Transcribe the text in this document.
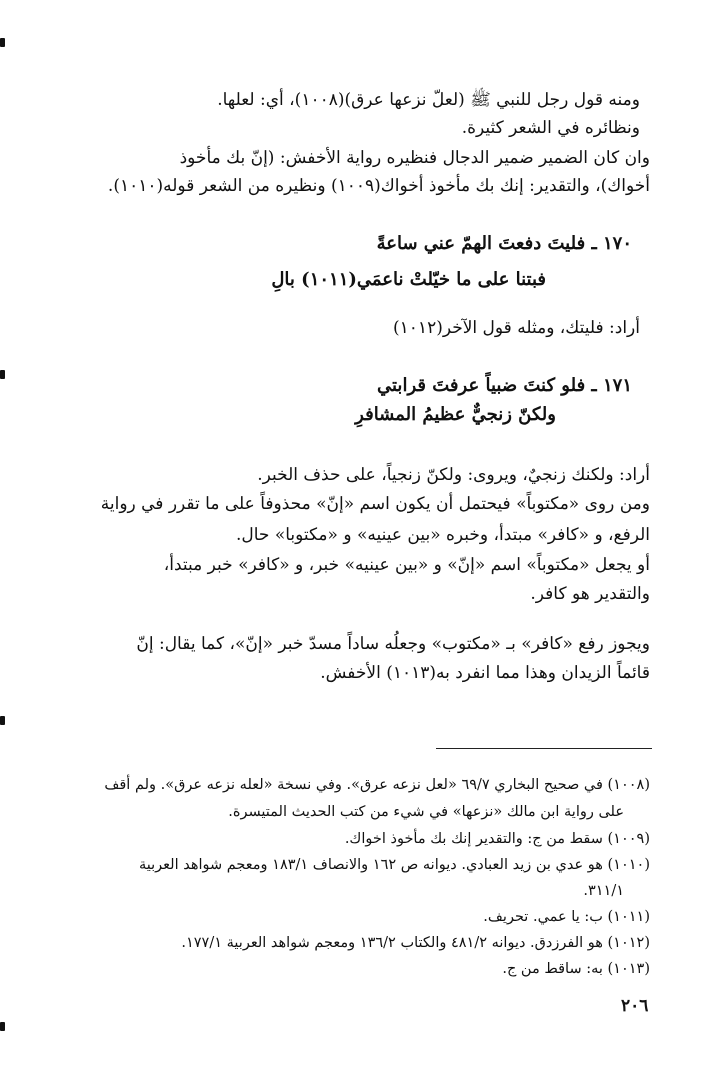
ومنه قول رجل للنبي ﷺ (لعلّ نزعها عرق)(١٠٠٨)، أي: لعلها.
ونظائره في الشعر كثيرة.
وان كان الضمير ضمير الدجال فنظيره رواية الأخفش: (إنّ بك مأخوذ
أخواك)، والتقدير: إنك بك مأخوذ أخواك(١٠٠٩) ونظيره من الشعر قوله(١٠١٠).
١٧٠ ـ فليتَ دفعتَ الهمّ عني ساعةً
فبتنا على ما خيّلتْ ناعمَي(١٠١١) بالِ
أراد: فليتك، ومثله قول الآخر(١٠١٢)
١٧١ ـ فلو كنتَ ضبياً عرفتَ قرابتي
ولكنّ زنجيٌّ عظيمُ المشافرِ
أراد: ولكنك زنجيٌ، ويروى: ولكنّ زنجياً، على حذف الخبر.
ومن روى «مكتوباً» فيحتمل أن يكون اسم «إنّ» محذوفاً على ما تقرر في رواية
الرفع، و «كافر» مبتدأ، وخبره «بين عينيه» و «مكتوبا» حال.
أو يجعل «مكتوباً» اسم «إنّ» و «بين عينيه» خبر، و «كافر» خبر مبتدأ،
والتقدير هو كافر.
ويجوز رفع «كافر» بـ «مكتوب» وجعلُه ساداً مسدّ خبر «إنّ»، كما يقال: إنّ
قائماً الزيدان وهذا مما انفرد به(١٠١٣) الأخفش.
(١٠٠٨) في صحيح البخاري ٦٩/٧ «لعل نزعه عرق». وفي نسخة «لعله نزعه عرق». ولم أقف
على رواية ابن مالك «نزعها» في شيء من كتب الحديث المتيسرة.
(١٠٠٩) سقط من ج: والتقدير إنك بك مأخوذ اخواك.
(١٠١٠) هو عدي بن زيد العبادي. ديوانه ص ١٦٢ والانصاف ١٨٣/١ ومعجم شواهد العربية
٣١١/١.
(١٠١١) ب: يا عمي. تحريف.
(١٠١٢) هو الفرزدق. ديوانه ٤٨١/٢ والكتاب ١٣٦/٢ ومعجم شواهد العربية ١٧٧/١.
(١٠١٣) به: ساقط من ج.
٢٠٦
